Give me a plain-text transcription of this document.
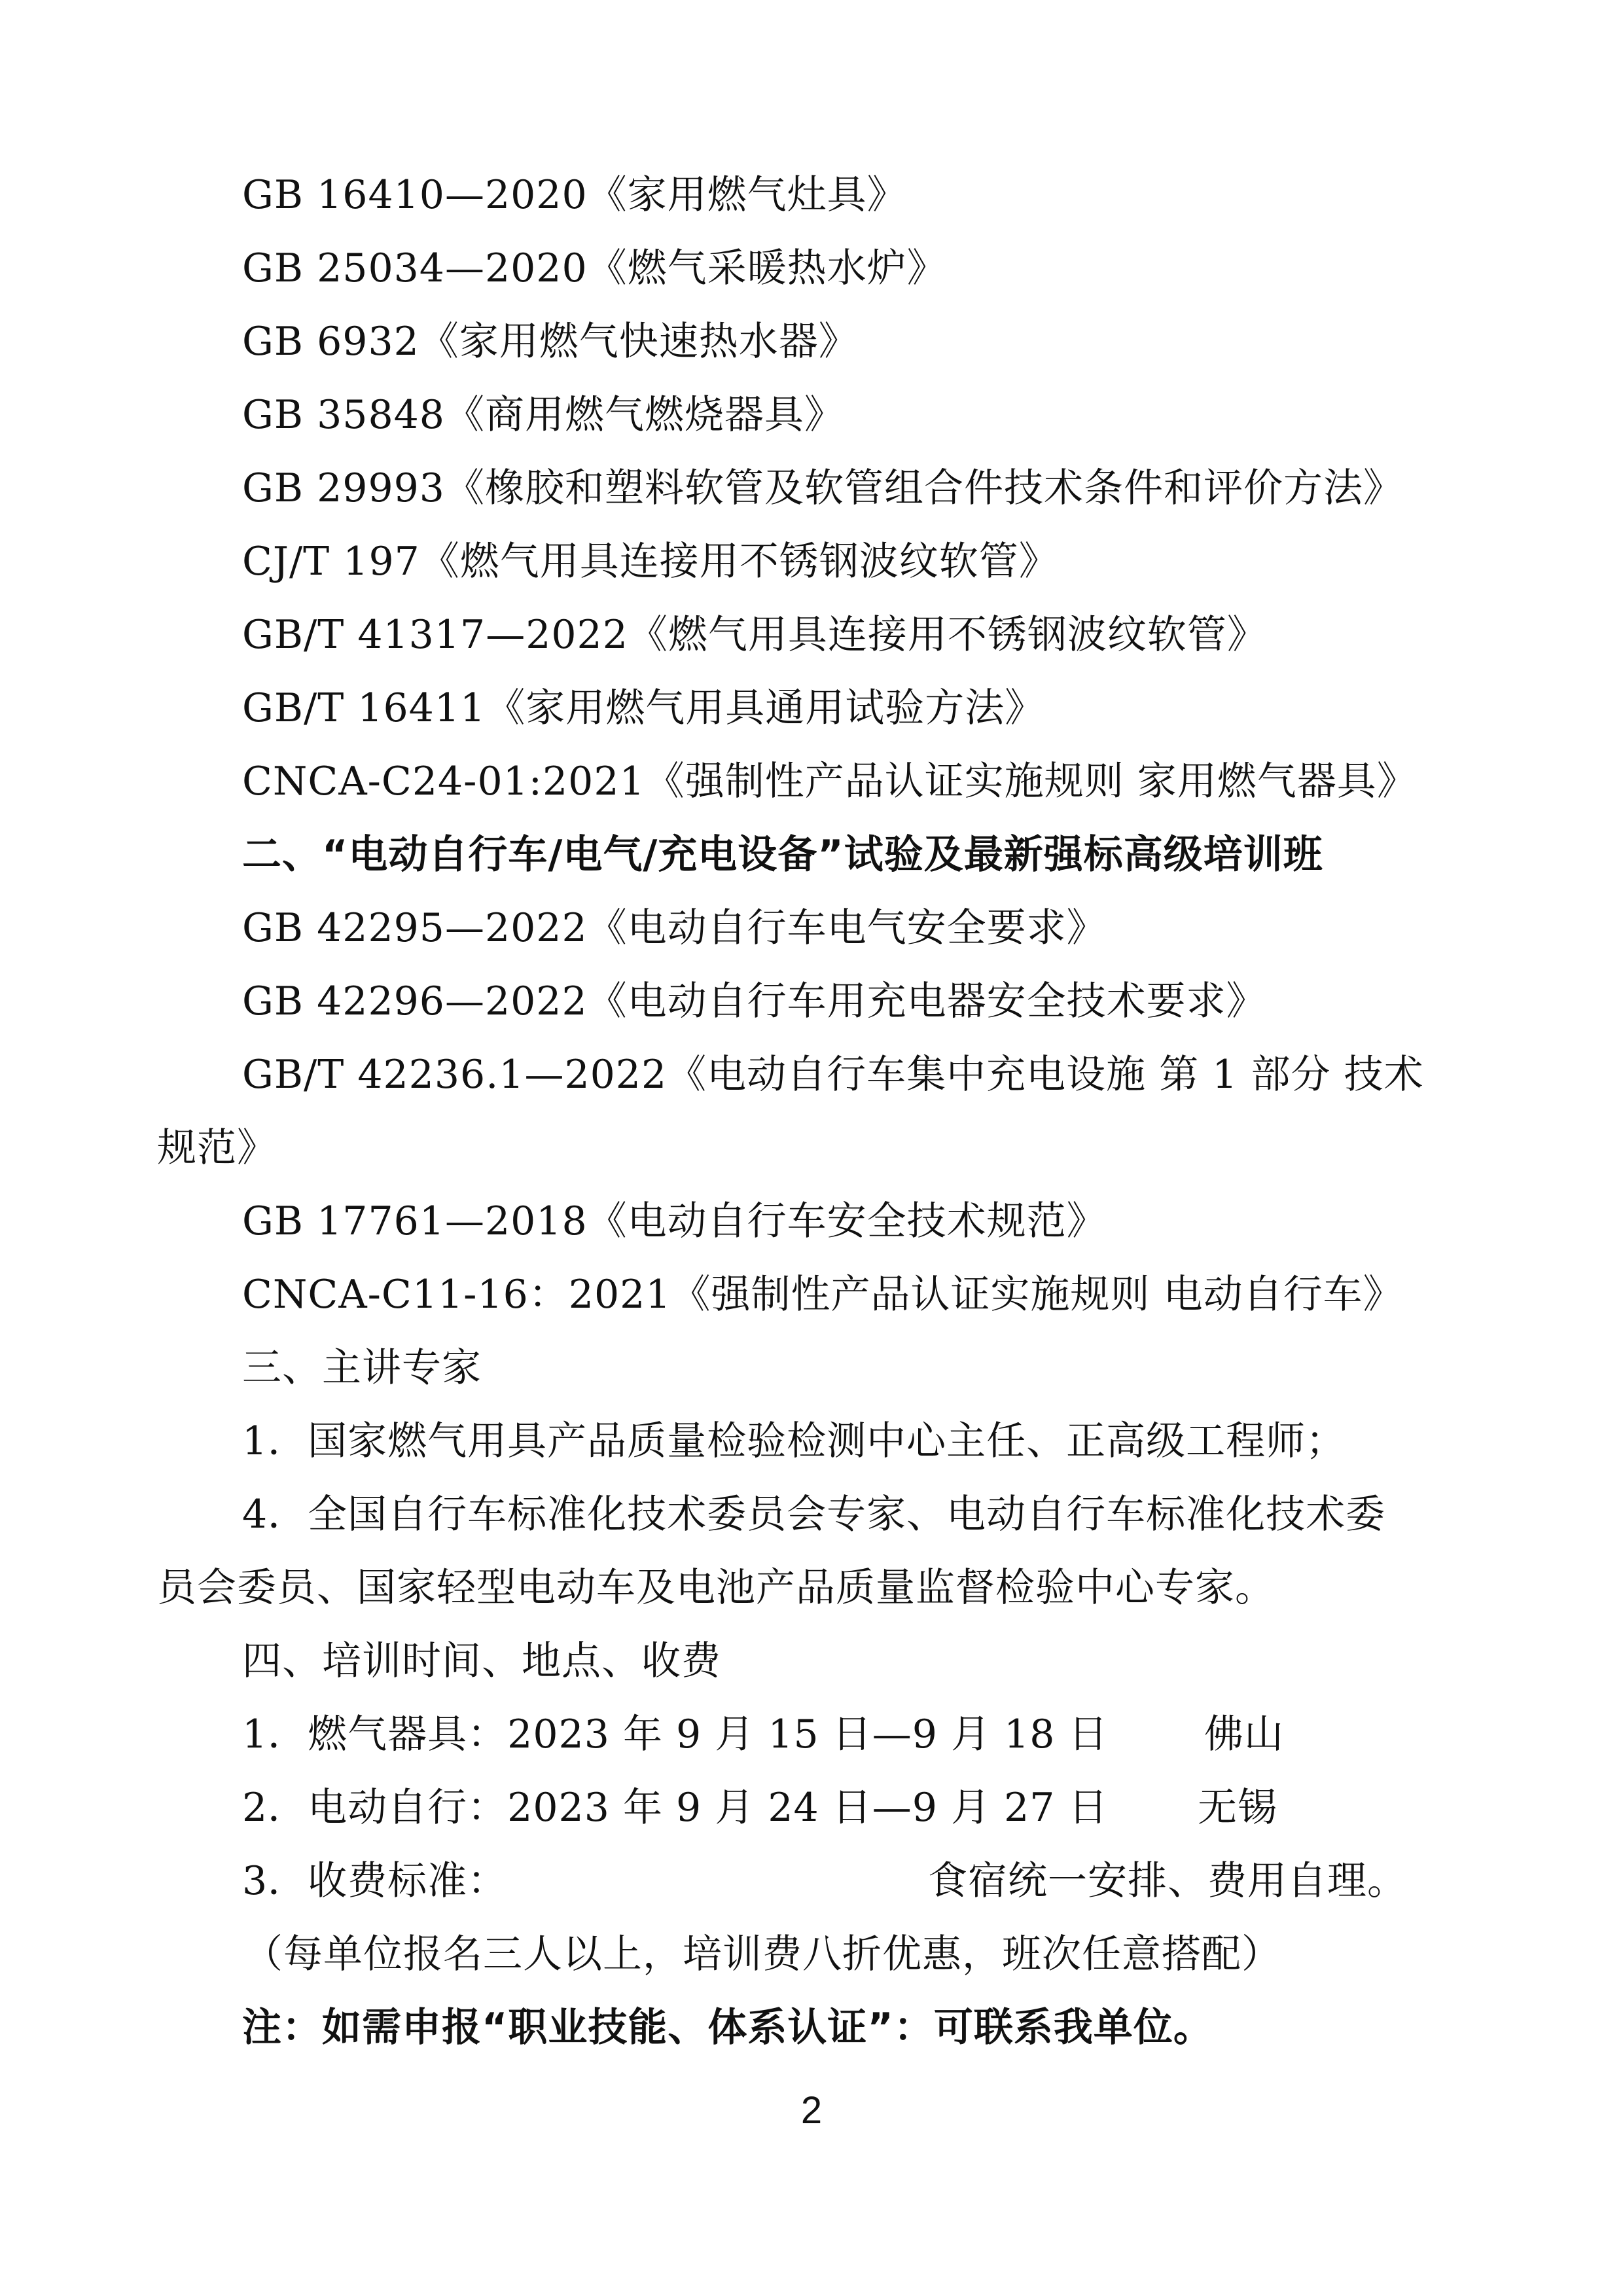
GB 16410—2020《家用燃气灶具》
GB 25034—2020《燃气采暖热水炉》
GB 6932《家用燃气快速热水器》
GB 35848《商用燃气燃烧器具》
GB 29993《橡胶和塑料软管及软管组合件技术条件和评价方法》
CJ/T 197《燃气用具连接用不锈钢波纹软管》
GB/T 41317—2022《燃气用具连接用不锈钢波纹软管》
GB/T 16411《家用燃气用具通用试验方法》
CNCA-C24-01:2021《强制性产品认证实施规则 家用燃气器具》
二、“电动自行车/电气/充电设备”试验及最新强标高级培训班
GB 42295—2022《电动自行车电气安全要求》
GB 42296—2022《电动自行车用充电器安全技术要求》
GB/T 42236.1—2022《电动自行车集中充电设施 第 1 部分 技术
规范》
GB 17761—2018《电动自行车安全技术规范》
CNCA-C11-16：2021《强制性产品认证实施规则 电动自行车》
三、主讲专家
1．国家燃气用具产品质量检验检测中心主任、正高级工程师；
4．全国自行车标准化技术委员会专家、电动自行车标准化技术委
员会委员、国家轻型电动车及电池产品质量监督检验中心专家。
四、培训时间、地点、收费
1．燃气器具：2023 年 9 月 15 日—9 月 18 日 佛山
2．电动自行：2023 年 9 月 24 日—9 月 27 日 无锡
3．收费标准：	食宿统一安排、费用自理。
（每单位报名三人以上，培训费八折优惠，班次任意搭配）
注：如需申报“职业技能、体系认证”：可联系我单位。
2
